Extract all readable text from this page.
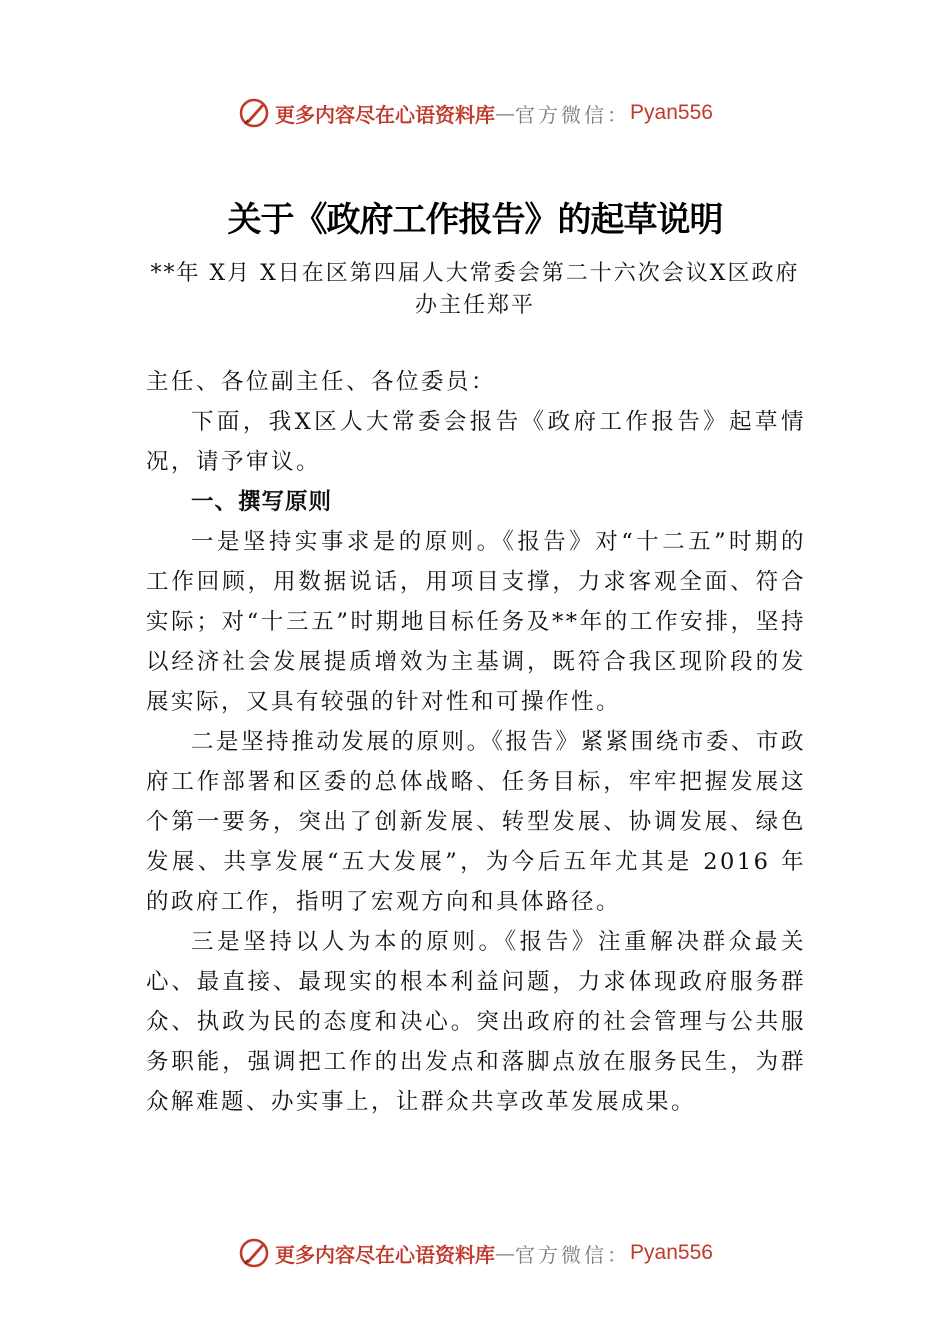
更多内容尽在心语资料库 — 官方微信： Pyan556
关于《政府工作报告》的起草说明
**年 X月 X日在区第四届人大常委会第二十六次会议X区政府办主任郑平

主任、各位副主任、各位委员：

下面，我X区人大常委会报告《政府工作报告》起草情况，请予审议。

一、撰写原则

一是坚持实事求是的原则。《报告》对“十二五”时期的工作回顾，用数据说话，用项目支撑，力求客观全面、符合实际；对“十三五”时期地目标任务及**年的工作安排，坚持以经济社会发展提质增效为主基调，既符合我区现阶段的发展实际，又具有较强的针对性和可操作性。

二是坚持推动发展的原则。《报告》紧紧围绕市委、市政府工作部署和区委的总体战略、任务目标，牢牢把握发展这个第一要务，突出了创新发展、转型发展、协调发展、绿色发展、共享发展“五大发展”，为今后五年尤其是 2016 年的政府工作，指明了宏观方向和具体路径。

三是坚持以人为本的原则。《报告》注重解决群众最关心、最直接、最现实的根本利益问题，力求体现政府服务群众、执政为民的态度和决心。突出政府的社会管理与公共服务职能，强调把工作的出发点和落脚点放在服务民生，为群众解难题、办实事上，让群众共享改革发展成果。

更多内容尽在心语资料库 — 官方微信： Pyan556
